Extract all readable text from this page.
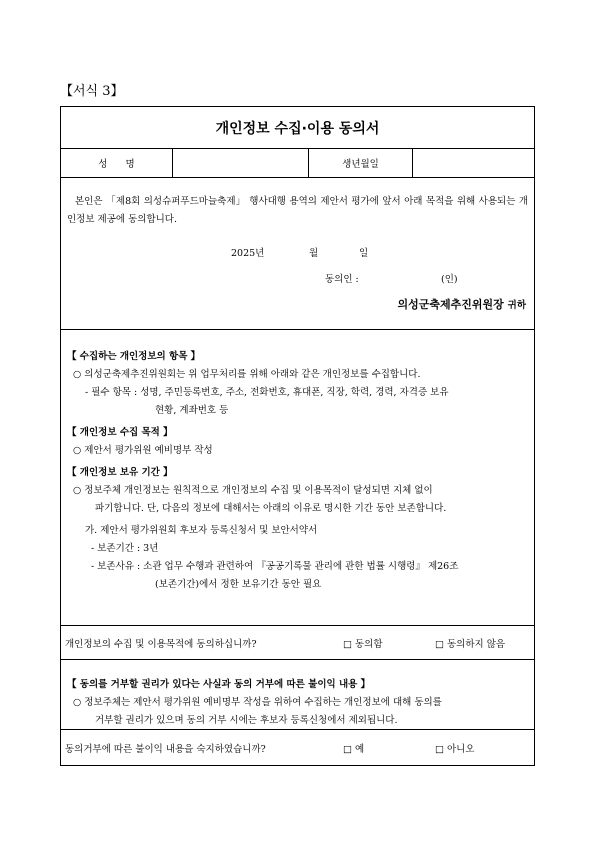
【서식 3】
개인정보 수집·이용 동의서
성      명	생년월일

본인은 「제8회 의성슈퍼푸드마늘축제」 행사대행 용역의 제안서 평가에 앞서 아래 목적을 위해 사용되는 개인정보 제공에 동의합니다.

2025년	월	일
동의인 :	(인)
의성군축제추진위원장 귀하
【 수집하는 개인정보의 항목 】
○ 의성군축제추진위원회는 위 업무처리를 위해 아래와 같은 개인정보를 수집합니다.
- 필수 항목 : 성명, 주민등록번호, 주소, 전화번호, 휴대폰, 직장, 학력, 경력, 자격증 보유
현황, 계좌번호 등
【 개인정보 수집 목적 】
○ 제안서 평가위원 예비명부 작성
【 개인정보 보유 기간 】
○ 정보주체 개인정보는 원칙적으로 개인정보의 수집 및 이용목적이 달성되면 지체 없이
파기합니다. 단, 다음의 정보에 대해서는 아래의 이유로 명시한 기간 동안 보존합니다.
가. 제안서 평가위원회 후보자 등록신청서 및 보안서약서
- 보존기간 : 3년
- 보존사유 : 소관 업무 수행과 관련하여 『공공기록물 관리에 관한 법률 시행령』 제26조
(보존기간)에서 정한 보유기간 동안 필요
개인정보의 수집 및 이용목적에 동의하십니까?	□ 동의함	□ 동의하지 않음
【 동의를 거부할 권리가 있다는 사실과 동의 거부에 따른 불이익 내용 】
○ 정보주체는 제안서 평가위원 예비명부 작성을 위하여 수집하는 개인정보에 대해 동의를
거부할 권리가 있으며 동의 거부 시에는 후보자 등록신청에서 제외됩니다.
동의거부에 따른 불이익 내용을 숙지하였습니까?	□ 예	□ 아니오
